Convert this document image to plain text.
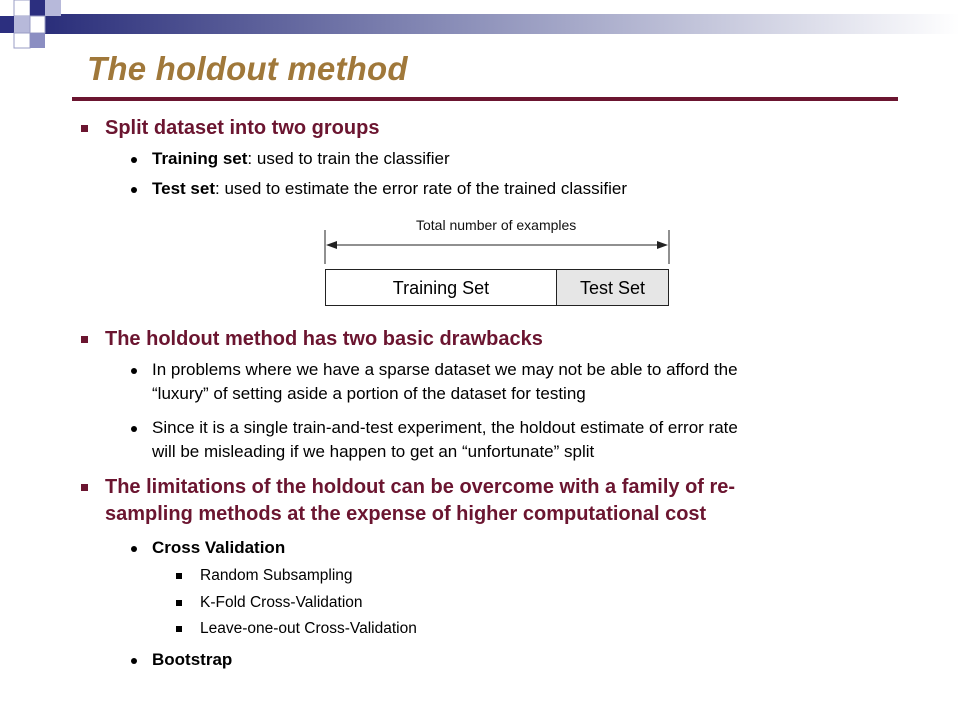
The holdout method
Split dataset into two groups
Training set: used to train the classifier
Test set: used to estimate the error rate of the trained classifier
Total number of examples
Training Set	Test Set
The holdout method has two basic drawbacks
In problems where we have a sparse dataset we may not be able to afford the
“luxury” of setting aside a portion of the dataset for testing
Since it is a single train-and-test experiment, the holdout estimate of error rate
will be misleading if we happen to get an “unfortunate” split
The limitations of the holdout can be overcome with a family of re-
sampling methods at the expense of higher computational cost
Cross Validation
Random Subsampling
K-Fold Cross-Validation
Leave-one-out Cross-Validation
Bootstrap
